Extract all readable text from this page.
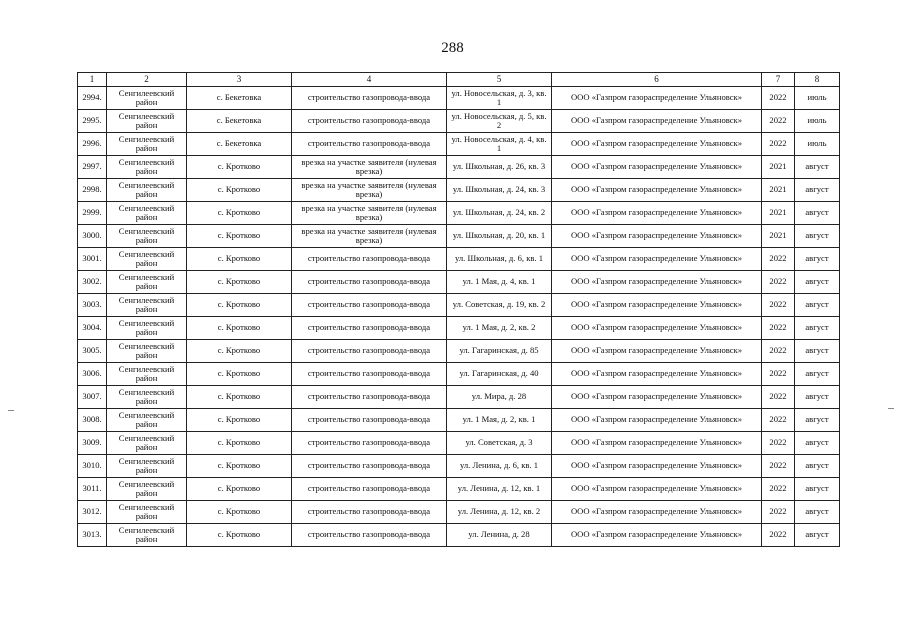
288
1	2	3	4	5	6	7	8
2994.	Сенгилеевский район	с. Бекетовка	строительство газопровода-ввода	ул. Новосельская, д. 3, кв. 1	ООО «Газпром газораспределение Ульяновск»	2022	июль
2995.	Сенгилеевский район	с. Бекетовка	строительство газопровода-ввода	ул. Новосельская, д. 5, кв. 2	ООО «Газпром газораспределение Ульяновск»	2022	июль
2996.	Сенгилеевский район	с. Бекетовка	строительство газопровода-ввода	ул. Новосельская, д. 4, кв. 1	ООО «Газпром газораспределение Ульяновск»	2022	июль
2997.	Сенгилеевский район	с. Кротково	врезка на участке заявителя (нулевая врезка)	ул. Школьная, д. 26, кв. 3	ООО «Газпром газораспределение Ульяновск»	2021	август
2998.	Сенгилеевский район	с. Кротково	врезка на участке заявителя (нулевая врезка)	ул. Школьная, д. 24, кв. 3	ООО «Газпром газораспределение Ульяновск»	2021	август
2999.	Сенгилеевский район	с. Кротково	врезка на участке заявителя (нулевая врезка)	ул. Школьная, д. 24, кв. 2	ООО «Газпром газораспределение Ульяновск»	2021	август
3000.	Сенгилеевский район	с. Кротково	врезка на участке заявителя (нулевая врезка)	ул. Школьная, д. 20, кв. 1	ООО «Газпром газораспределение Ульяновск»	2021	август
3001.	Сенгилеевский район	с. Кротково	строительство газопровода-ввода	ул. Школьная, д. 6, кв. 1	ООО «Газпром газораспределение Ульяновск»	2022	август
3002.	Сенгилеевский район	с. Кротково	строительство газопровода-ввода	ул. 1 Мая, д. 4, кв. 1	ООО «Газпром газораспределение Ульяновск»	2022	август
3003.	Сенгилеевский район	с. Кротково	строительство газопровода-ввода	ул. Советская, д. 19, кв. 2	ООО «Газпром газораспределение Ульяновск»	2022	август
3004.	Сенгилеевский район	с. Кротково	строительство газопровода-ввода	ул. 1 Мая, д. 2, кв. 2	ООО «Газпром газораспределение Ульяновск»	2022	август
3005.	Сенгилеевский район	с. Кротково	строительство газопровода-ввода	ул. Гагаринская, д. 85	ООО «Газпром газораспределение Ульяновск»	2022	август
3006.	Сенгилеевский район	с. Кротково	строительство газопровода-ввода	ул. Гагаринская, д. 40	ООО «Газпром газораспределение Ульяновск»	2022	август
3007.	Сенгилеевский район	с. Кротково	строительство газопровода-ввода	ул. Мира, д. 28	ООО «Газпром газораспределение Ульяновск»	2022	август
3008.	Сенгилеевский район	с. Кротково	строительство газопровода-ввода	ул. 1 Мая, д. 2, кв. 1	ООО «Газпром газораспределение Ульяновск»	2022	август
3009.	Сенгилеевский район	с. Кротково	строительство газопровода-ввода	ул. Советская, д. 3	ООО «Газпром газораспределение Ульяновск»	2022	август
3010.	Сенгилеевский район	с. Кротково	строительство газопровода-ввода	ул. Ленина, д. 6, кв. 1	ООО «Газпром газораспределение Ульяновск»	2022	август
3011.	Сенгилеевский район	с. Кротково	строительство газопровода-ввода	ул. Ленина, д. 12, кв. 1	ООО «Газпром газораспределение Ульяновск»	2022	август
3012.	Сенгилеевский район	с. Кротково	строительство газопровода-ввода	ул. Ленина, д. 12, кв. 2	ООО «Газпром газораспределение Ульяновск»	2022	август
3013.	Сенгилеевский район	с. Кротково	строительство газопровода-ввода	ул. Ленина, д. 28	ООО «Газпром газораспределение Ульяновск»	2022	август
